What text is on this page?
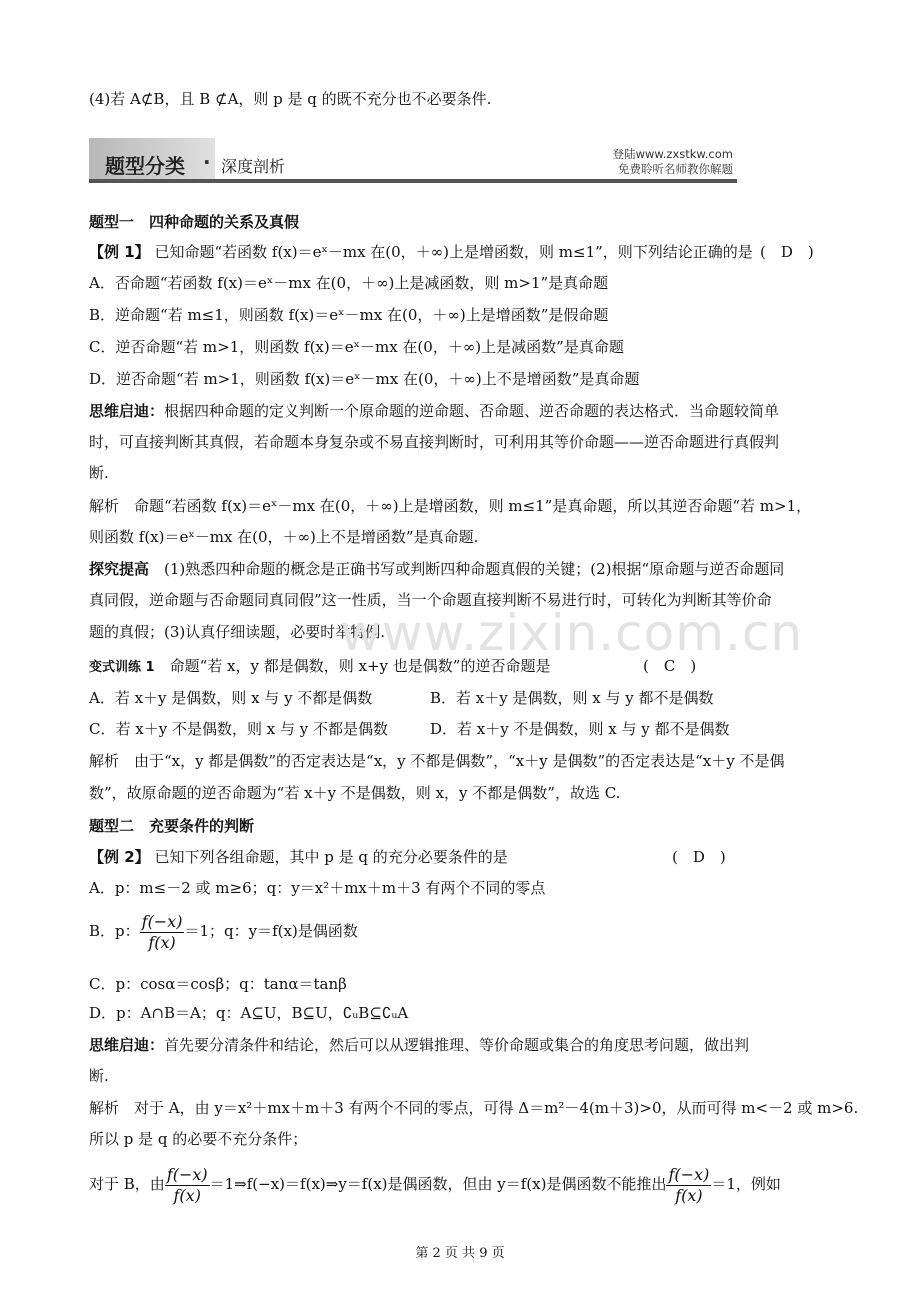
(4)若 A⊄B，且 B ⊄A，则 p 是 q 的既不充分也不必要条件.
题型分类 · 深度剖析
登陆www.zxstkw.com
免费聆听名师教你解题
题型一　四种命题的关系及真假
【例 1】 已知命题“若函数 f(x)＝eˣ－mx 在(0，＋∞)上是增函数，则 m≤1”，则下列结论正确的是 (　D　)
A．否命题“若函数 f(x)＝eˣ－mx 在(0，＋∞)上是减函数，则 m>1”是真命题
B．逆命题“若 m≤1，则函数 f(x)＝eˣ－mx 在(0，＋∞)上是增函数”是假命题
C．逆否命题“若 m>1，则函数 f(x)＝eˣ－mx 在(0，＋∞)上是减函数”是真命题
D．逆否命题“若 m>1，则函数 f(x)＝eˣ－mx 在(0，＋∞)上不是增函数”是真命题
思维启迪：根据四种命题的定义判断一个原命题的逆命题、否命题、逆否命题的表达格式．当命题较简单
时，可直接判断其真假，若命题本身复杂或不易直接判断时，可利用其等价命题——逆否命题进行真假判
断.
解析　命题“若函数 f(x)＝eˣ－mx 在(0，＋∞)上是增函数，则 m≤1”是真命题，所以其逆否命题“若 m>1，
则函数 f(x)＝eˣ－mx 在(0，＋∞)上不是增函数”是真命题.
探究提高　 (1)熟悉四种命题的概念是正确书写或判断四种命题真假的关键；(2)根据“原命题与逆否命题同
真同假，逆命题与否命题同真同假”这一性质，当一个命题直接判断不易进行时，可转化为判断其等价命
题的真假；(3)认真仔细读题，必要时举特例.
www.zixin.com.cn
变式训练 1　 命题“若 x，y 都是偶数，则 x+y 也是偶数”的逆否命题是	(　C　)
A．若 x＋y 是偶数，则 x 与 y 不都是偶数	B．若 x＋y 是偶数，则 x 与 y 都不是偶数
C．若 x＋y 不是偶数，则 x 与 y 不都是偶数	D．若 x＋y 不是偶数，则 x 与 y 都不是偶数
解析　由于“x，y 都是偶数”的否定表达是“x，y 不都是偶数”，“x＋y 是偶数”的否定表达是“x＋y 不是偶
数”，故原命题的逆否命题为“若 x＋y 不是偶数，则 x，y 不都是偶数”，故选 C.
题型二　充要条件的判断
【例 2】 已知下列各组命题，其中 p 是 q 的充分必要条件的是	(　D　)
A．p：m≤－2 或 m≥6；q：y＝x²＋mx＋m＋3 有两个不同的零点
B．p： $\frac{f(-x)}{f(x)} =1$；q：y＝f(x)是偶函数
C．p：cosα＝cosβ；q：tanα＝tanβ
D．p：A∩B＝A；q：A⊆U，B⊆U，∁ᵤB⊆∁ᵤA
思维启迪：首先要分清条件和结论，然后可以从逻辑推理、等价命题或集合的角度思考问题，做出判
断.
解析　对于 A，由 y＝x²＋mx＋m＋3 有两个不同的零点，可得 Δ＝m²－4(m＋3)>0，从而可得 m<－2 或 m>6.
所以 p 是 q 的必要不充分条件；
对于 B，由 $\frac{f(-x)}{f(x)}$ ＝1⇒f(−x)＝f(x)⇒y＝f(x)是偶函数，但由 y＝f(x)是偶函数不能推出 $\frac{f(-x)}{f(x)} =1$，例如
第 2 页 共 9 页
